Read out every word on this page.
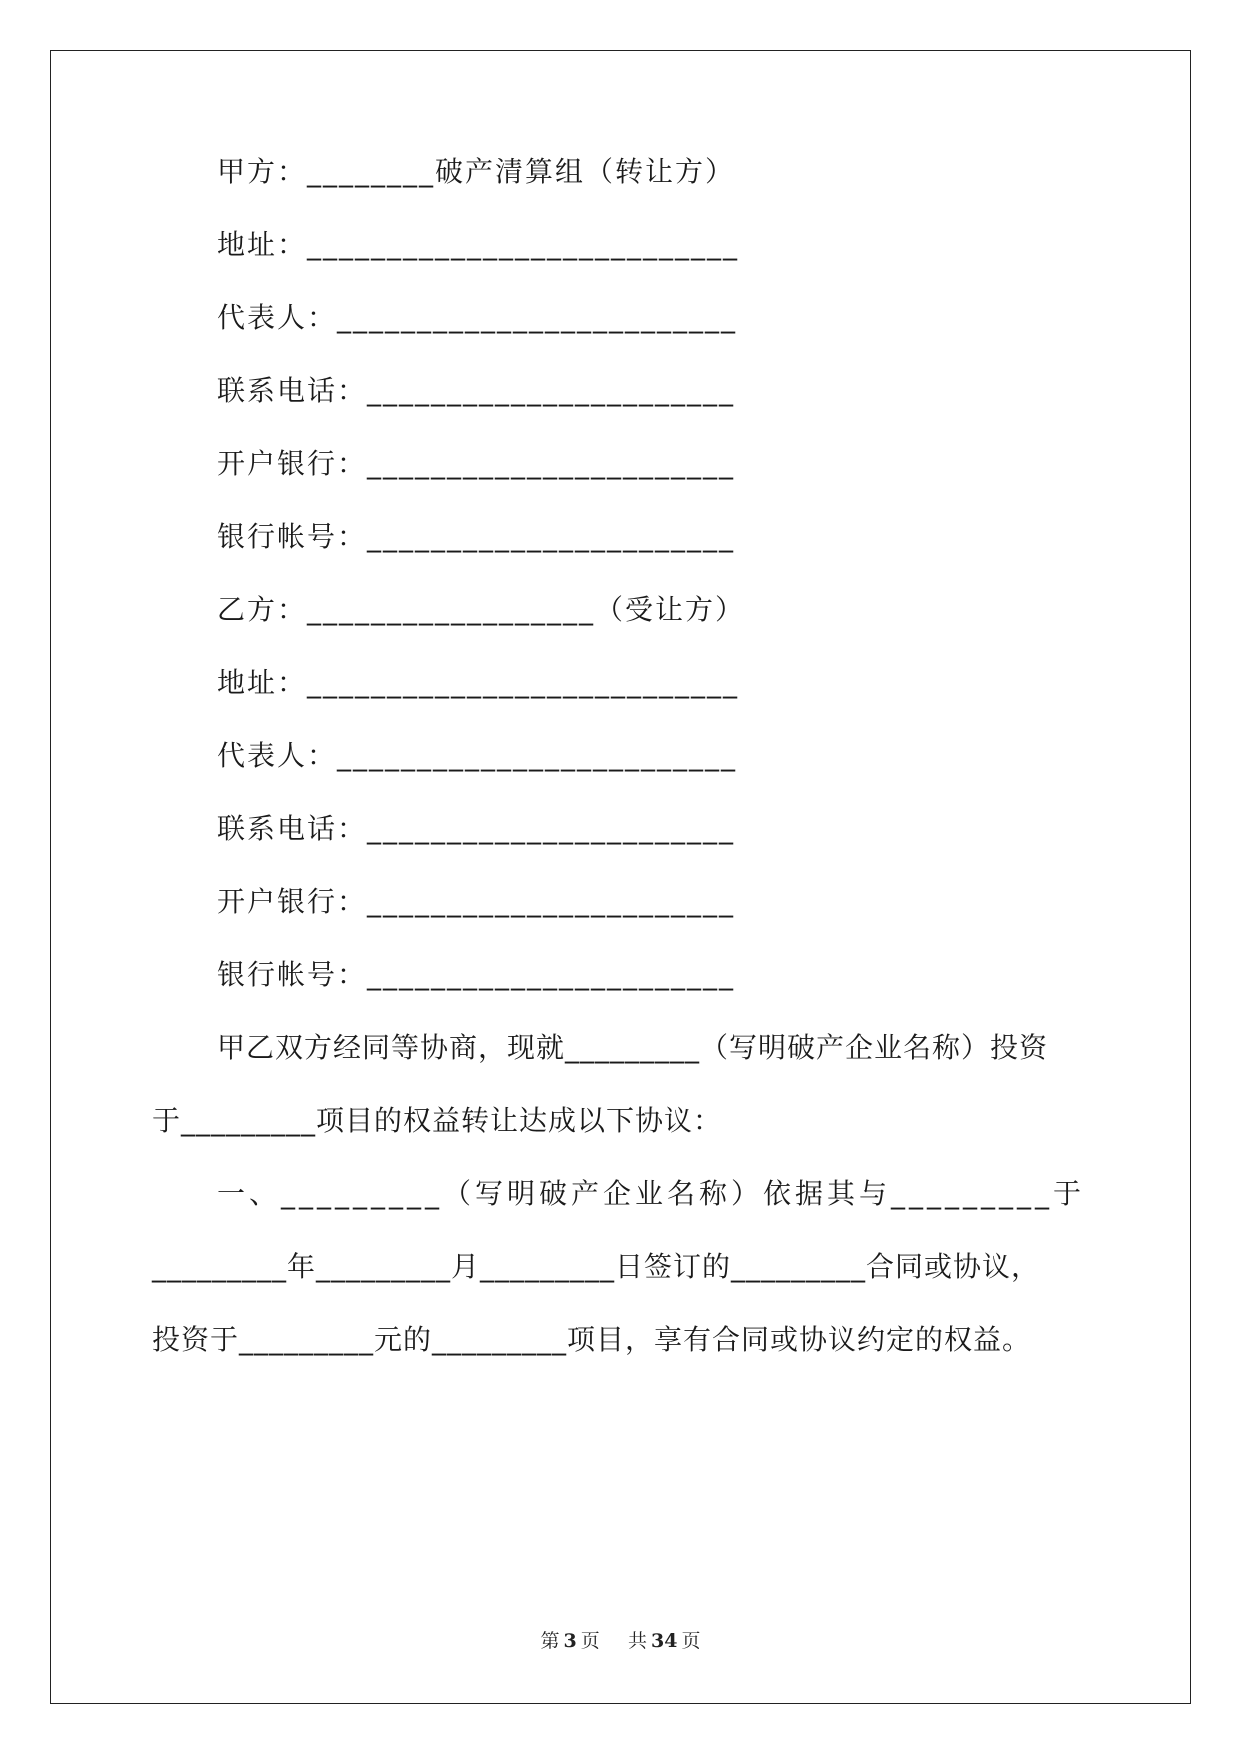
甲方：________破产清算组（转让方）
地址：___________________________
代表人：_________________________
联系电话：_______________________
开户银行：_______________________
银行帐号：_______________________
乙方：__________________（受让方）
地址：___________________________
代表人：_________________________
联系电话：_______________________
开户银行：_______________________
银行帐号：_______________________
甲乙双方经同等协商，现就_________（写明破产企业名称）投资
于_________项目的权益转让达成以下协议：
一、_________（写明破产企业名称）依据其与_________于
_________年_________月_________日签订的_________合同或协议，
投资于_________元的_________项目，享有合同或协议约定的权益。
第 3 页 共 34 页
